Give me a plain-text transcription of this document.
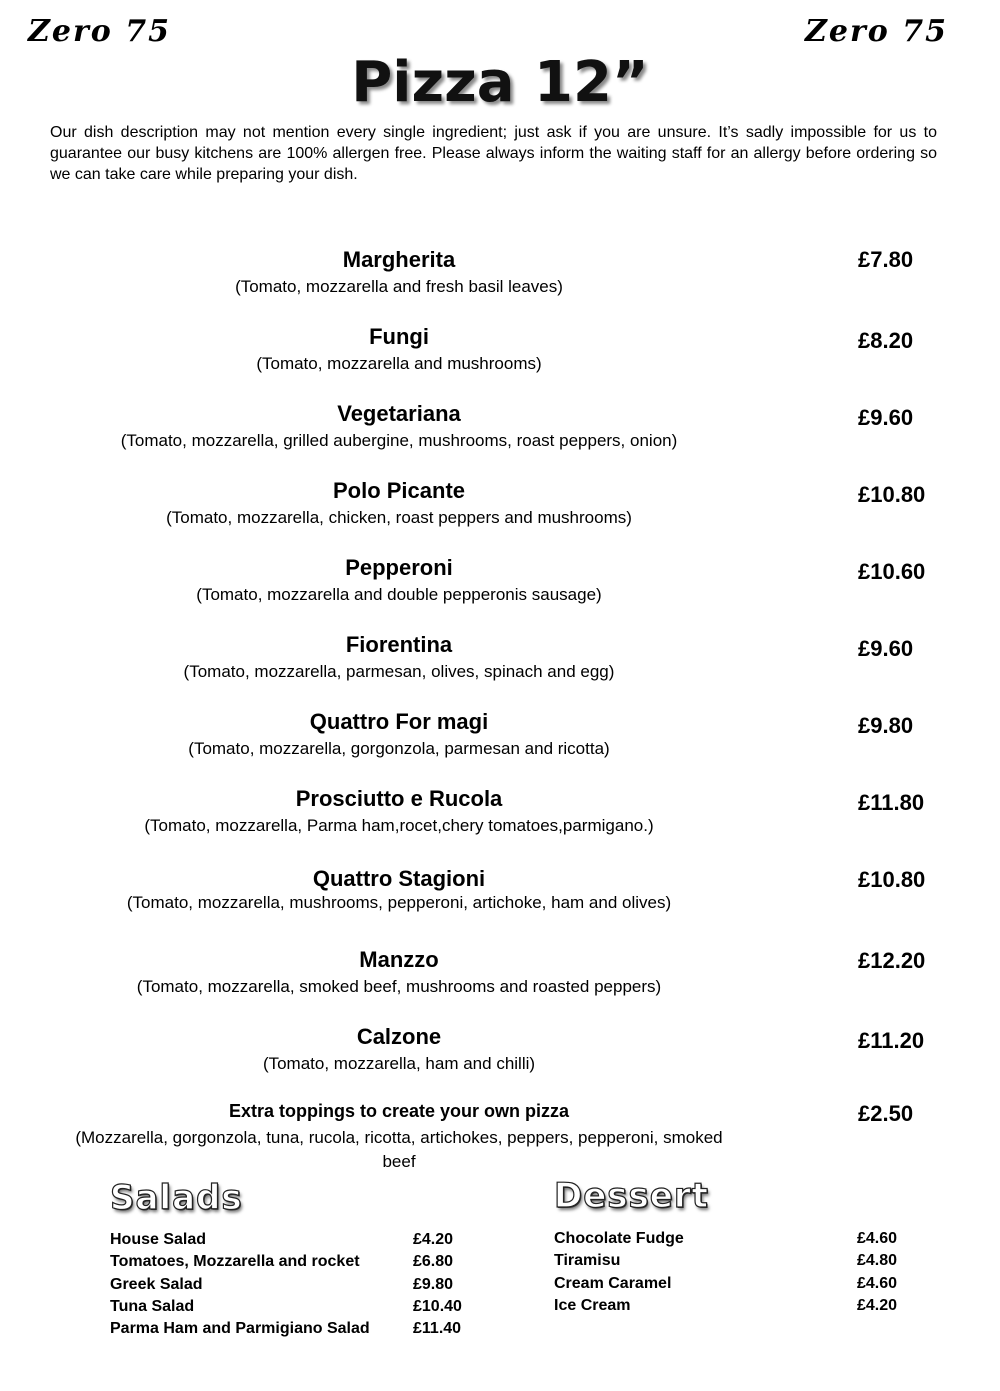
Zero 75	Zero 75
Pizza 12”
Our dish description may not mention every single ingredient; just ask if you are unsure. It’s sadly impossible for us to guarantee our busy kitchens are 100% allergen free. Please always inform the waiting staff for an allergy before ordering so we can take care while preparing your dish.
Margherita
(Tomato, mozzarella and fresh basil leaves)
£7.80
Fungi
(Tomato, mozzarella and mushrooms)
£8.20
Vegetariana
(Tomato, mozzarella, grilled aubergine, mushrooms, roast peppers, onion)
£9.60
Polo Picante
(Tomato, mozzarella, chicken, roast peppers and mushrooms)
£10.80
Pepperoni
(Tomato, mozzarella and double pepperonis sausage)
£10.60
Fiorentina
(Tomato, mozzarella, parmesan, olives, spinach and egg)
£9.60
Quattro For magi
(Tomato, mozzarella, gorgonzola, parmesan and ricotta)
£9.80
Prosciutto e Rucola
(Tomato, mozzarella, Parma ham,rocet,chery tomatoes,parmigano.)
£11.80
Quattro Stagioni
(Tomato, mozzarella, mushrooms, pepperoni, artichoke, ham and olives)
£10.80
Manzzo
(Tomato, mozzarella, smoked beef, mushrooms and roasted peppers)
£12.20
Calzone
(Tomato, mozzarella, ham and chilli)
£11.20
Extra toppings to create your own pizza
(Mozzarella, gorgonzola, tuna, rucola, ricotta, artichokes, peppers, pepperoni, smoked beef
£2.50
Salads
House Salad	£4.20
Tomatoes, Mozzarella and rocket	£6.80
Greek Salad	£9.80
Tuna Salad	£10.40
Parma Ham and Parmigiano Salad	£11.40
Dessert
Chocolate Fudge	£4.60
Tiramisu	£4.80
Cream Caramel	£4.60
Ice Cream	£4.20
